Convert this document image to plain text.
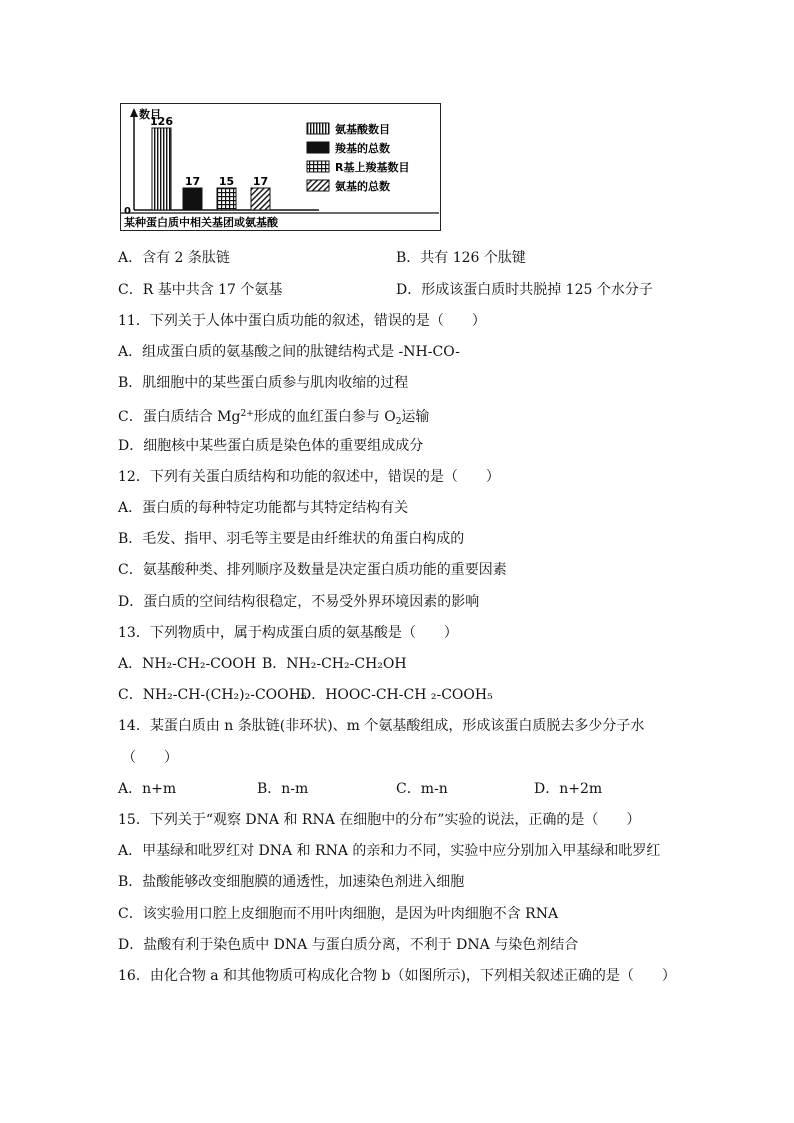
数目
0
126
17 15 17
氨基酸数目
羧基的总数
R基上羧基数目
氨基的总数
某种蛋白质中相关基团或氨基酸
A．含有 2 条肽链	B．共有 126 个肽键
C．R 基中共含 17 个氨基	D．形成该蛋白质时共脱掉 125 个水分子
11．下列关于人体中蛋白质功能的叙述，错误的是（　　）
A．组成蛋白质的氨基酸之间的肽键结构式是 -NH-CO-
B．肌细胞中的某些蛋白质参与肌肉收缩的过程
C．蛋白质结合 $Mg^{2+}$形成的血红蛋白参与 $O_2$运输
D．细胞核中某些蛋白质是染色体的重要组成成分
12．下列有关蛋白质结构和功能的叙述中，错误的是（　　）
A．蛋白质的每种特定功能都与其特定结构有关
B．毛发、指甲、羽毛等主要是由纤维状的角蛋白构成的
C．氨基酸种类、排列顺序及数量是决定蛋白质功能的重要因素
D．蛋白质的空间结构很稳定，不易受外界环境因素的影响
13．下列物质中，属于构成蛋白质的氨基酸是（　　）
A．NH₂-CH₂-COOH B．NH₂-CH₂-CH₂OH
C．NH₂-CH-(CH₂)₂-COOH₅
D．HOOC-CH-CH ₂-COOH₅
14．某蛋白质由 n 条肽链(非环状)、m 个氨基酸组成，形成该蛋白质脱去多少分子水
（　　）
A．n+m	B．n-m	C．m-n	D．n+2m
15．下列关于“观察 DNA 和 RNA 在细胞中的分布”实验的说法，正确的是（　　）
A．甲基绿和吡罗红对 DNA 和 RNA 的亲和力不同，实验中应分别加入甲基绿和吡罗红
B．盐酸能够改变细胞膜的通透性，加速染色剂进入细胞
C．该实验用口腔上皮细胞而不用叶肉细胞，是因为叶肉细胞不含 RNA
D．盐酸有利于染色质中 DNA 与蛋白质分离，不利于 DNA 与染色剂结合
16．由化合物 a 和其他物质可构成化合物 b（如图所示)，下列相关叙述正确的是（　　）
